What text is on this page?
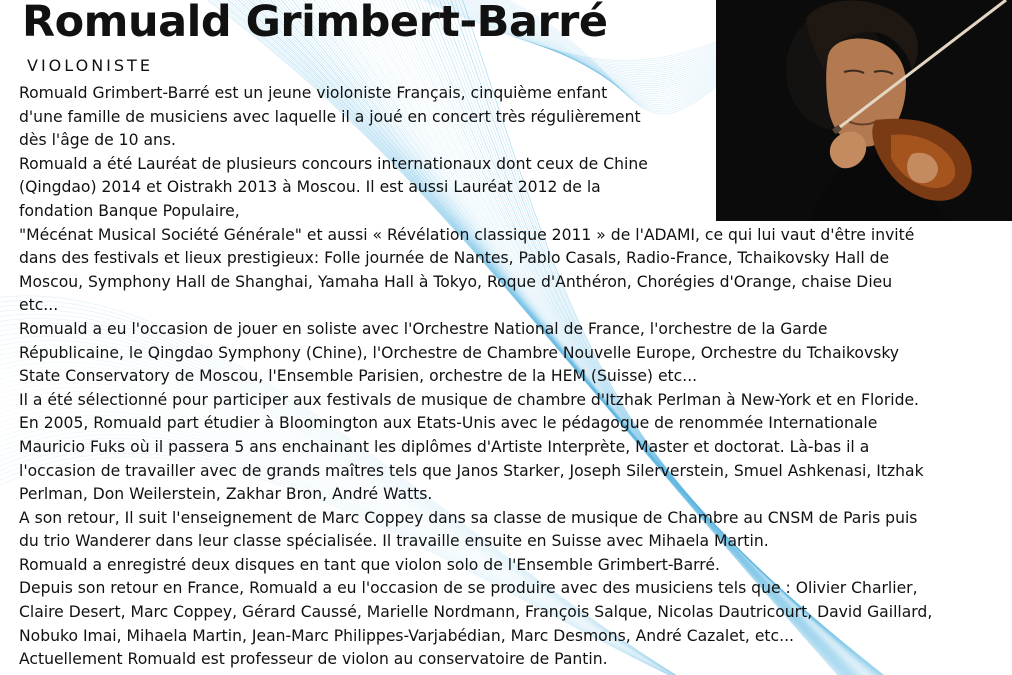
Romuald Grimbert-Barré
VIOLONISTE

Romuald Grimbert-Barré est un jeune violoniste Français, cinquième enfant
d'une famille de musiciens avec laquelle il a joué en concert très régulièrement
dès l'âge de 10 ans.

Romuald a été Lauréat de plusieurs concours internationaux dont ceux de Chine
(Qingdao) 2014 et Oistrakh 2013 à Moscou. Il est aussi Lauréat 2012 de la
fondation Banque Populaire,

"Mécénat Musical Société Générale" et aussi « Révélation classique 2011 » de l'ADAMI, ce qui lui vaut d'être invité
dans des festivals et lieux prestigieux: Folle journée de Nantes, Pablo Casals, Radio-France, Tchaikovsky Hall de
Moscou, Symphony Hall de Shanghai, Yamaha Hall à Tokyo, Roque d'Anthéron, Chorégies d'Orange, chaise Dieu
etc...

Romuald a eu l'occasion de jouer en soliste avec l'Orchestre National de France, l'orchestre de la Garde
Républicaine, le Qingdao Symphony (Chine), l'Orchestre de Chambre Nouvelle Europe, Orchestre du Tchaikovsky
State Conservatory de Moscou, l'Ensemble Parisien, orchestre de la HEM (Suisse) etc...

Il a été sélectionné pour participer aux festivals de musique de chambre d'Itzhak Perlman à New-York et en Floride.

En 2005, Romuald part étudier à Bloomington aux Etats-Unis avec le pédagogue de renommée Internationale
Mauricio Fuks où il passera 5 ans enchainant les diplômes d'Artiste Interprète, Master et doctorat. Là-bas il a
l'occasion de travailler avec de grands maîtres tels que Janos Starker, Joseph Silerverstein, Smuel Ashkenasi, Itzhak
Perlman, Don Weilerstein, Zakhar Bron, André Watts.

A son retour, Il suit l'enseignement de Marc Coppey dans sa classe de musique de Chambre au CNSM de Paris puis
du trio Wanderer dans leur classe spécialisée. Il travaille ensuite en Suisse avec Mihaela Martin.

Romuald a enregistré deux disques en tant que violon solo de l'Ensemble Grimbert-Barré.

Depuis son retour en France, Romuald a eu l'occasion de se produire avec des musiciens tels que : Olivier Charlier,
Claire Desert, Marc Coppey, Gérard Caussé, Marielle Nordmann, François Salque, Nicolas Dautricourt, David Gaillard,
Nobuko Imai, Mihaela Martin, Jean-Marc Philippes-Varjabédian, Marc Desmons, André Cazalet, etc...

Actuellement Romuald est professeur de violon au conservatoire de Pantin.
